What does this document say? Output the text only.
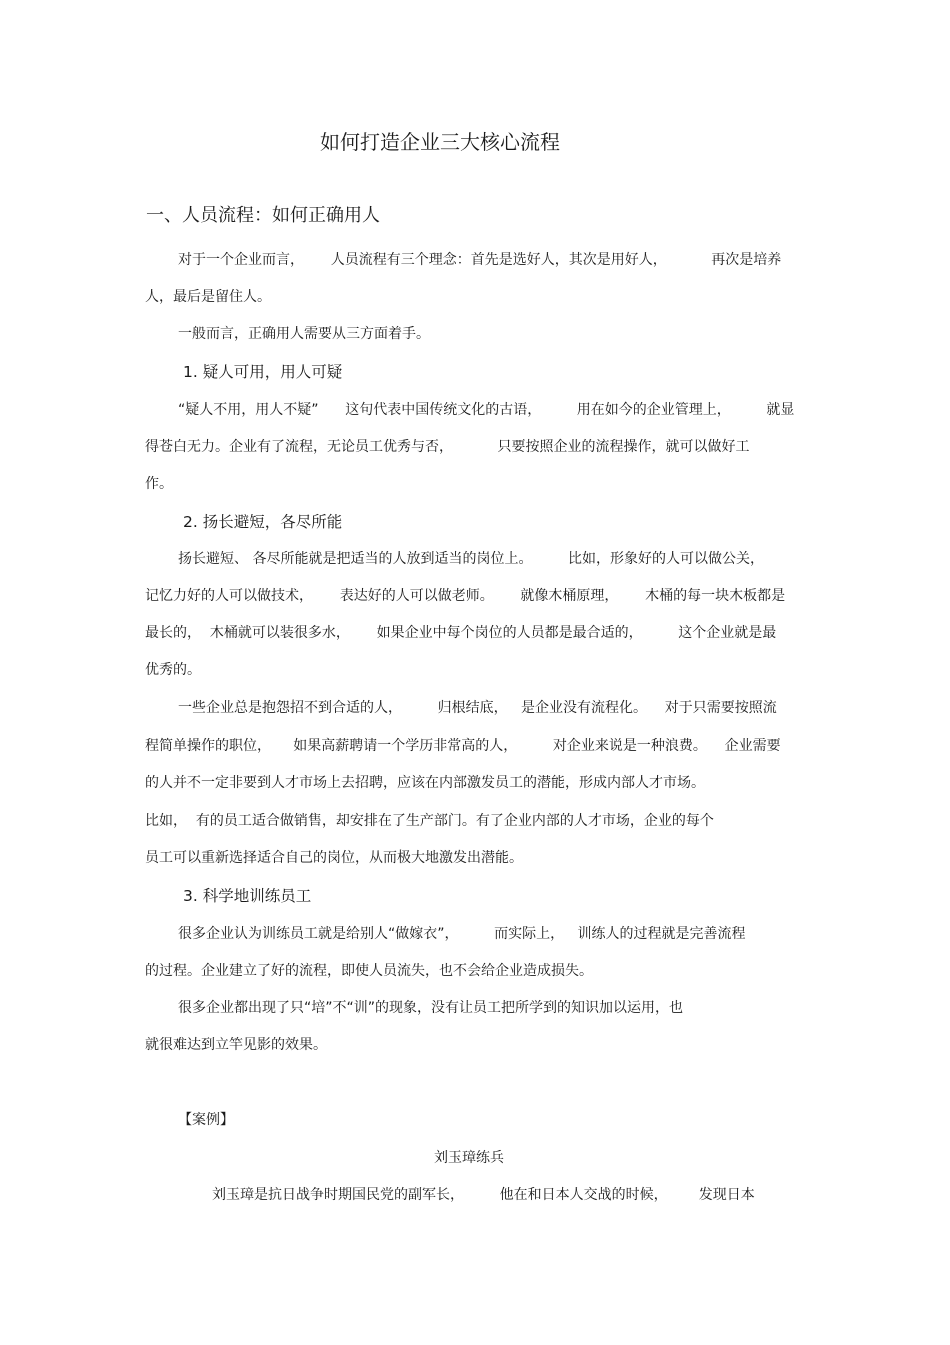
如何打造企业三大核心流程
一、人员流程：如何正确用人
对于一个企业而言，      人员流程有三个理念：首先是选好人，其次是用好人，          再次是培养
人，最后是留住人。
一般而言，正确用人需要从三方面着手。
1. 疑人可用，用人可疑
“疑人不用，用人不疑”      这句代表中国传统文化的古语，        用在如今的企业管理上，        就显
得苍白无力。企业有了流程，无论员工优秀与否，          只要按照企业的流程操作，就可以做好工
作。
2. 扬长避短，各尽所能
扬长避短、 各尽所能就是把适当的人放到适当的岗位上。        比如，形象好的人可以做公关，
记忆力好的人可以做技术，      表达好的人可以做老师。      就像木桶原理，      木桶的每一块木板都是
最长的，  木桶就可以装很多水，      如果企业中每个岗位的人员都是最合适的，        这个企业就是最
优秀的。
一些企业总是抱怨招不到合适的人，        归根结底，   是企业没有流程化。    对于只需要按照流
程简单操作的职位，     如果高薪聘请一个学历非常高的人，        对企业来说是一种浪费。    企业需要
的人并不一定非要到人才市场上去招聘，应该在内部激发员工的潜能，形成内部人才市场。
比如，  有的员工适合做销售，却安排在了生产部门。有了企业内部的人才市场，企业的每个
员工可以重新选择适合自己的岗位，从而极大地激发出潜能。
3. 科学地训练员工
很多企业认为训练员工就是给别人“做嫁衣”，        而实际上，   训练人的过程就是完善流程
的过程。企业建立了好的流程，即使人员流失，也不会给企业造成损失。
很多企业都出现了只“培”不“训”的现象，没有让员工把所学到的知识加以运用，也
就很难达到立竿见影的效果。
【案例】
刘玉璋练兵
刘玉璋是抗日战争时期国民党的副军长，        他在和日本人交战的时候，       发现日本
